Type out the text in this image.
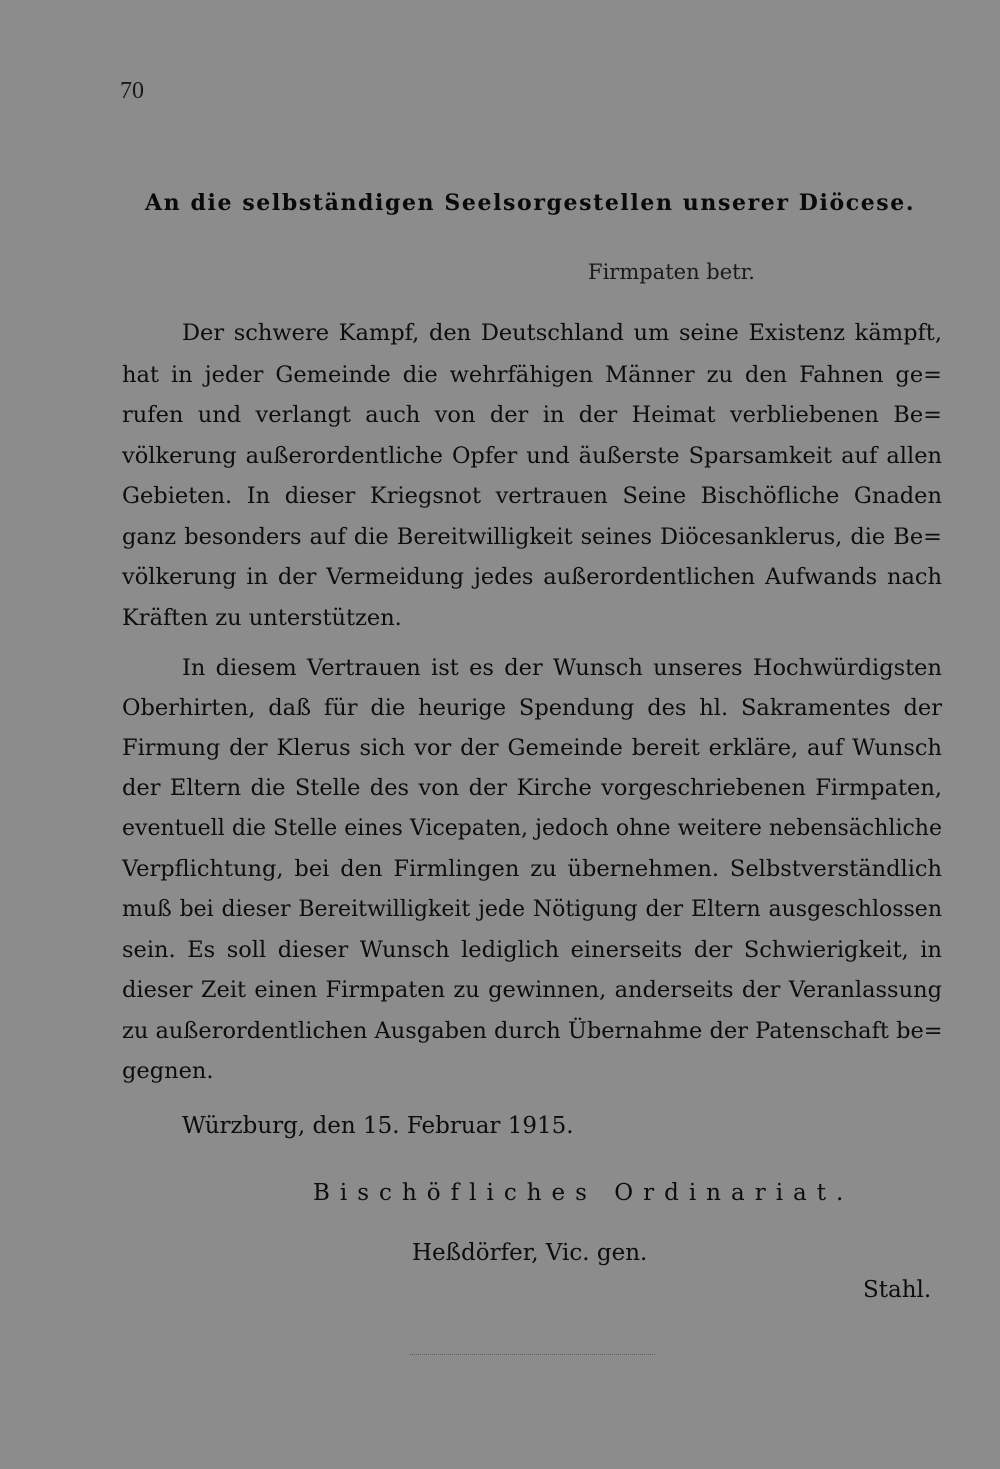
70
An die selbständigen Seelsorgestellen unserer Diöcese.
Firmpaten betr.
Der schwere Kampf, den Deutschland um seine Existenz kämpft,
hat in jeder Gemeinde die wehrfähigen Männer zu den Fahnen ge=
rufen und verlangt auch von der in der Heimat verbliebenen Be=
völkerung außerordentliche Opfer und äußerste Sparsamkeit auf allen
Gebieten. In dieser Kriegsnot vertrauen Seine Bischöfliche Gnaden
ganz besonders auf die Bereitwilligkeit seines Diöcesanklerus, die Be=
völkerung in der Vermeidung jedes außerordentlichen Aufwands nach
Kräften zu unterstützen.
In diesem Vertrauen ist es der Wunsch unseres Hochwürdigsten
Oberhirten, daß für die heurige Spendung des hl. Sakramentes der
Firmung der Klerus sich vor der Gemeinde bereit erkläre, auf Wunsch
der Eltern die Stelle des von der Kirche vorgeschriebenen Firmpaten,
eventuell die Stelle eines Vicepaten, jedoch ohne weitere nebensächliche
Verpflichtung, bei den Firmlingen zu übernehmen. Selbstverständlich
muß bei dieser Bereitwilligkeit jede Nötigung der Eltern ausgeschlossen
sein. Es soll dieser Wunsch lediglich einerseits der Schwierigkeit, in
dieser Zeit einen Firmpaten zu gewinnen, anderseits der Veranlassung
zu außerordentlichen Ausgaben durch Übernahme der Patenschaft be=
gegnen.
Würzburg, den 15. Februar 1915.
Bischöfliches Ordinariat.
Heßdörfer, Vic. gen.
Stahl.
